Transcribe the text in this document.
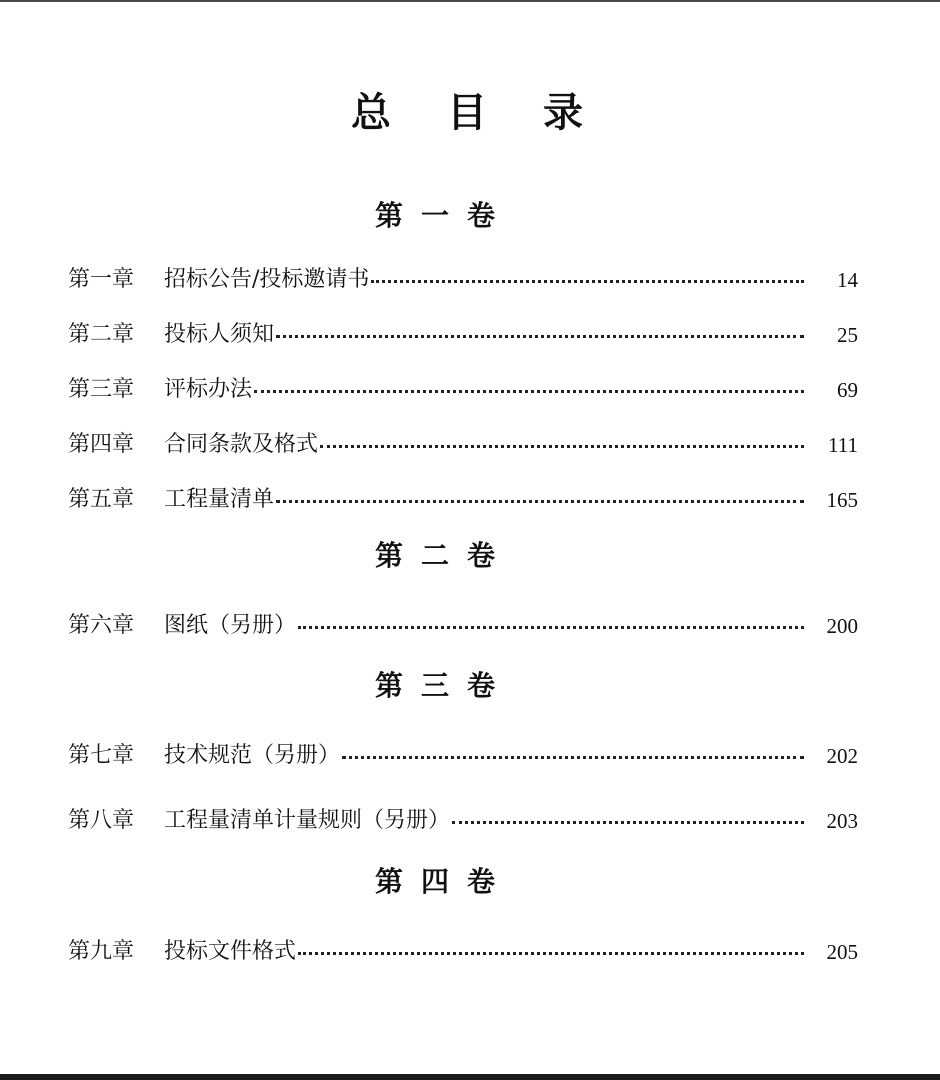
总目录
第一卷
第一章	招标公告/投标邀请书	14
第二章	投标人须知	25
第三章	评标办法	69
第四章	合同条款及格式	111
第五章	工程量清单	165
第二卷
第六章	图纸（另册）	200
第三卷
第七章	技术规范（另册）	202
第八章	工程量清单计量规则（另册）	203
第四卷
第九章	投标文件格式	205
